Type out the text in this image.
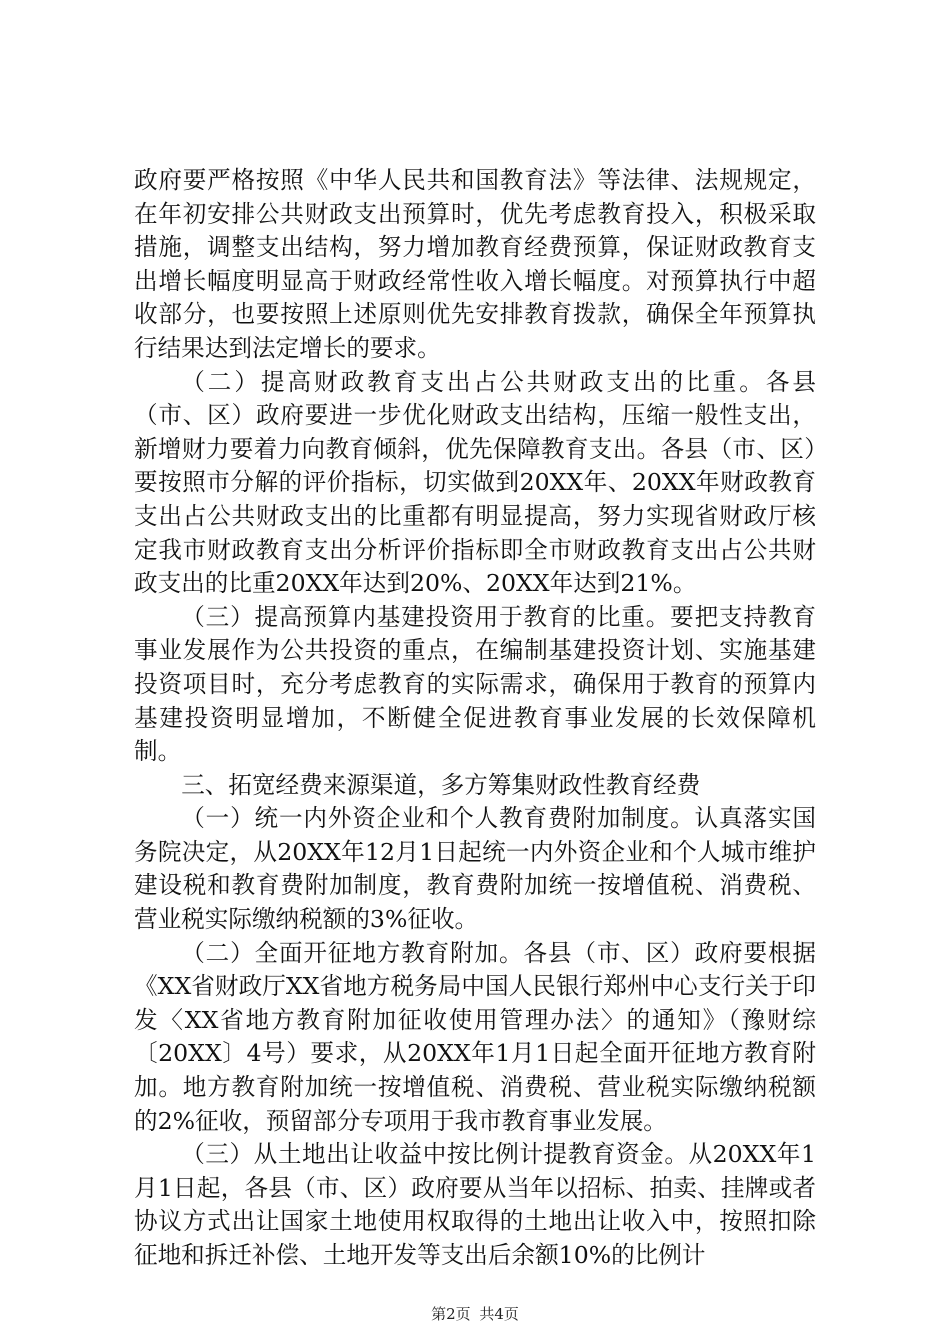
政府要严格按照《中华人民共和国教育法》等法律、法规规定，在年初安排公共财政支出预算时，优先考虑教育投入，积极采取措施，调整支出结构，努力增加教育经费预算，保证财政教育支出增长幅度明显高于财政经常性收入增长幅度。对预算执行中超收部分，也要按照上述原则优先安排教育拨款，确保全年预算执行结果达到法定增长的要求。

（二）提高财政教育支出占公共财政支出的比重。各县（市、区）政府要进一步优化财政支出结构，压缩一般性支出，新增财力要着力向教育倾斜，优先保障教育支出。各县（市、区）要按照市分解的评价指标，切实做到20XX年、20XX年财政教育支出占公共财政支出的比重都有明显提高，努力实现省财政厅核定我市财政教育支出分析评价指标即全市财政教育支出占公共财政支出的比重20XX年达到20%、20XX年达到21%。

（三）提高预算内基建投资用于教育的比重。要把支持教育事业发展作为公共投资的重点，在编制基建投资计划、实施基建投资项目时，充分考虑教育的实际需求，确保用于教育的预算内基建投资明显增加，不断健全促进教育事业发展的长效保障机制。

三、拓宽经费来源渠道，多方筹集财政性教育经费

（一）统一内外资企业和个人教育费附加制度。认真落实国务院决定，从20XX年12月1日起统一内外资企业和个人城市维护建设税和教育费附加制度，教育费附加统一按增值税、消费税、营业税实际缴纳税额的3%征收。

（二）全面开征地方教育附加。各县（市、区）政府要根据《XX省财政厅XX省地方税务局中国人民银行郑州中心支行关于印发〈XX省地方教育附加征收使用管理办法〉的通知》（豫财综〔20XX〕4号）要求，从20XX年1月1日起全面开征地方教育附加。地方教育附加统一按增值税、消费税、营业税实际缴纳税额的2%征收，预留部分专项用于我市教育事业发展。

（三）从土地出让收益中按比例计提教育资金。从20XX年1月1日起，各县（市、区）政府要从当年以招标、拍卖、挂牌或者协议方式出让国家土地使用权取得的土地出让收入中，按照扣除征地和拆迁补偿、土地开发等支出后余额10%的比例计

第2页 共4页
